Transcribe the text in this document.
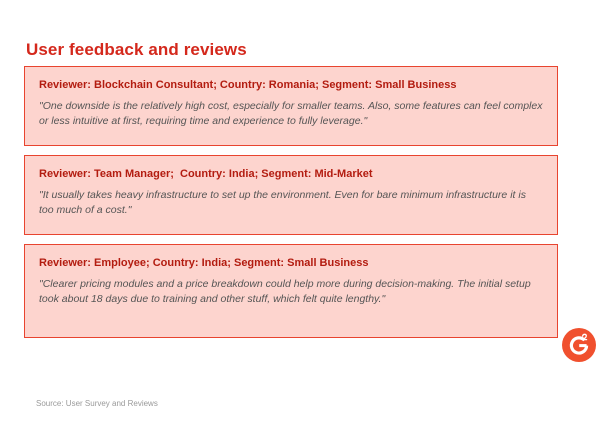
User feedback and reviews
Reviewer: Blockchain Consultant; Country: Romania; Segment: Small Business
"One downside is the relatively high cost, especially for smaller teams. Also, some features can feel complex or less intuitive at first, requiring time and experience to fully leverage."
Reviewer: Team Manager;  Country: India; Segment: Mid-Market
"It usually takes heavy infrastructure to set up the environment. Even for bare minimum infrastructure it is too much of a cost."
Reviewer: Employee; Country: India; Segment: Small Business
"Clearer pricing modules and a price breakdown could help more during decision-making. The initial setup took about 18 days due to training and other stuff, which felt quite lengthy."
Source: User Survey and Reviews
